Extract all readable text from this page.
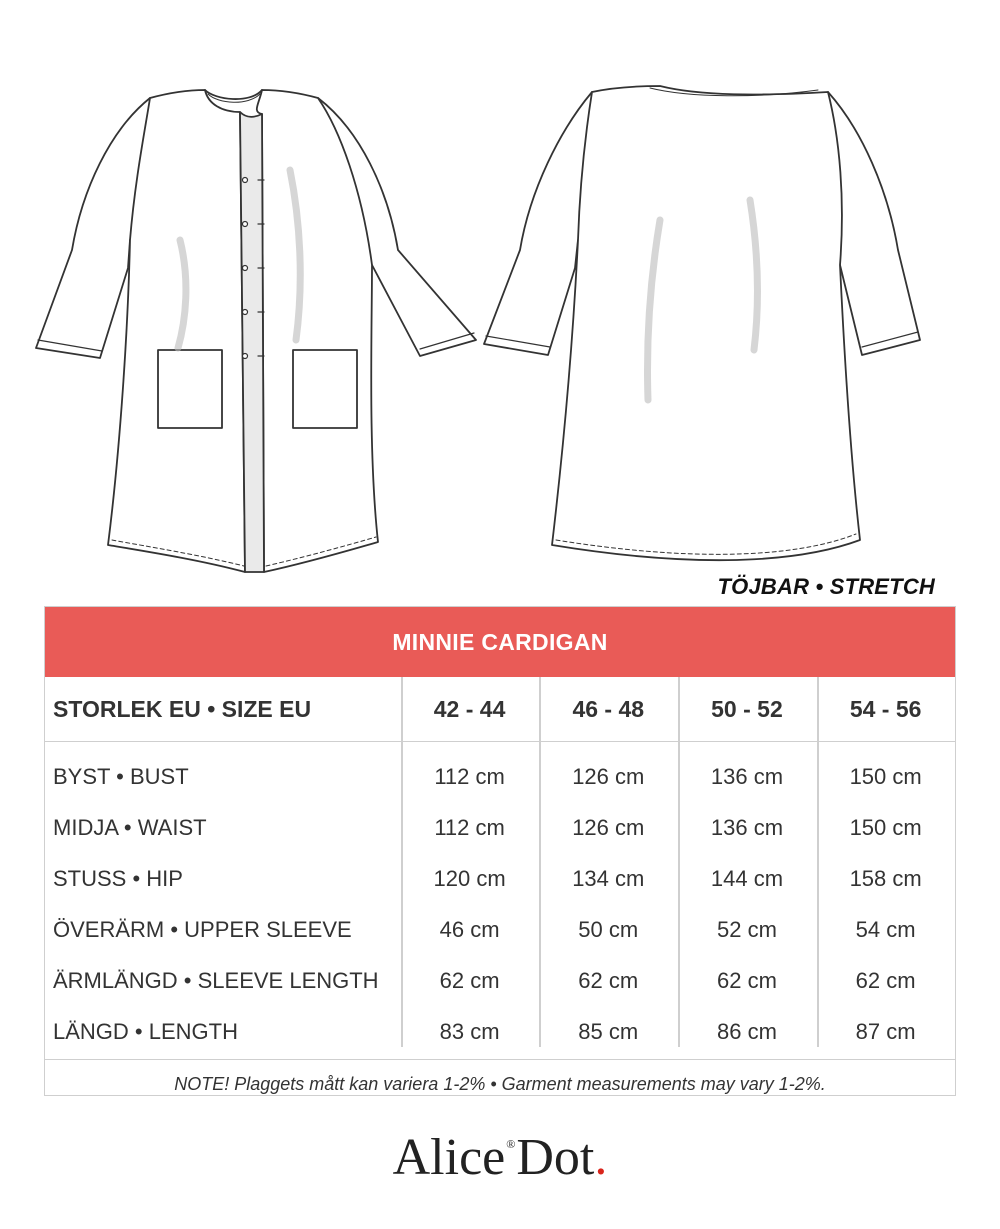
TÖJBAR • STRETCH
MINNIE CARDIGAN
STORLEK EU • SIZE EU	42 - 44	46 - 48	50 - 52	54 - 56
BYST • BUST	112 cm	126 cm	136 cm	150 cm
MIDJA • WAIST	112 cm	126 cm	136 cm	150 cm
STUSS • HIP	120 cm	134 cm	144 cm	158 cm
ÖVERÄRM • UPPER SLEEVE	46 cm	50 cm	52 cm	54 cm
ÄRMLÄNGD • SLEEVE LENGTH	62 cm	62 cm	62 cm	62 cm
LÄNGD • LENGTH	83 cm	85 cm	86 cm	87 cm
NOTE! Plaggets mått kan variera 1-2% • Garment measurements may vary 1-2%.
Alice®Dot.
